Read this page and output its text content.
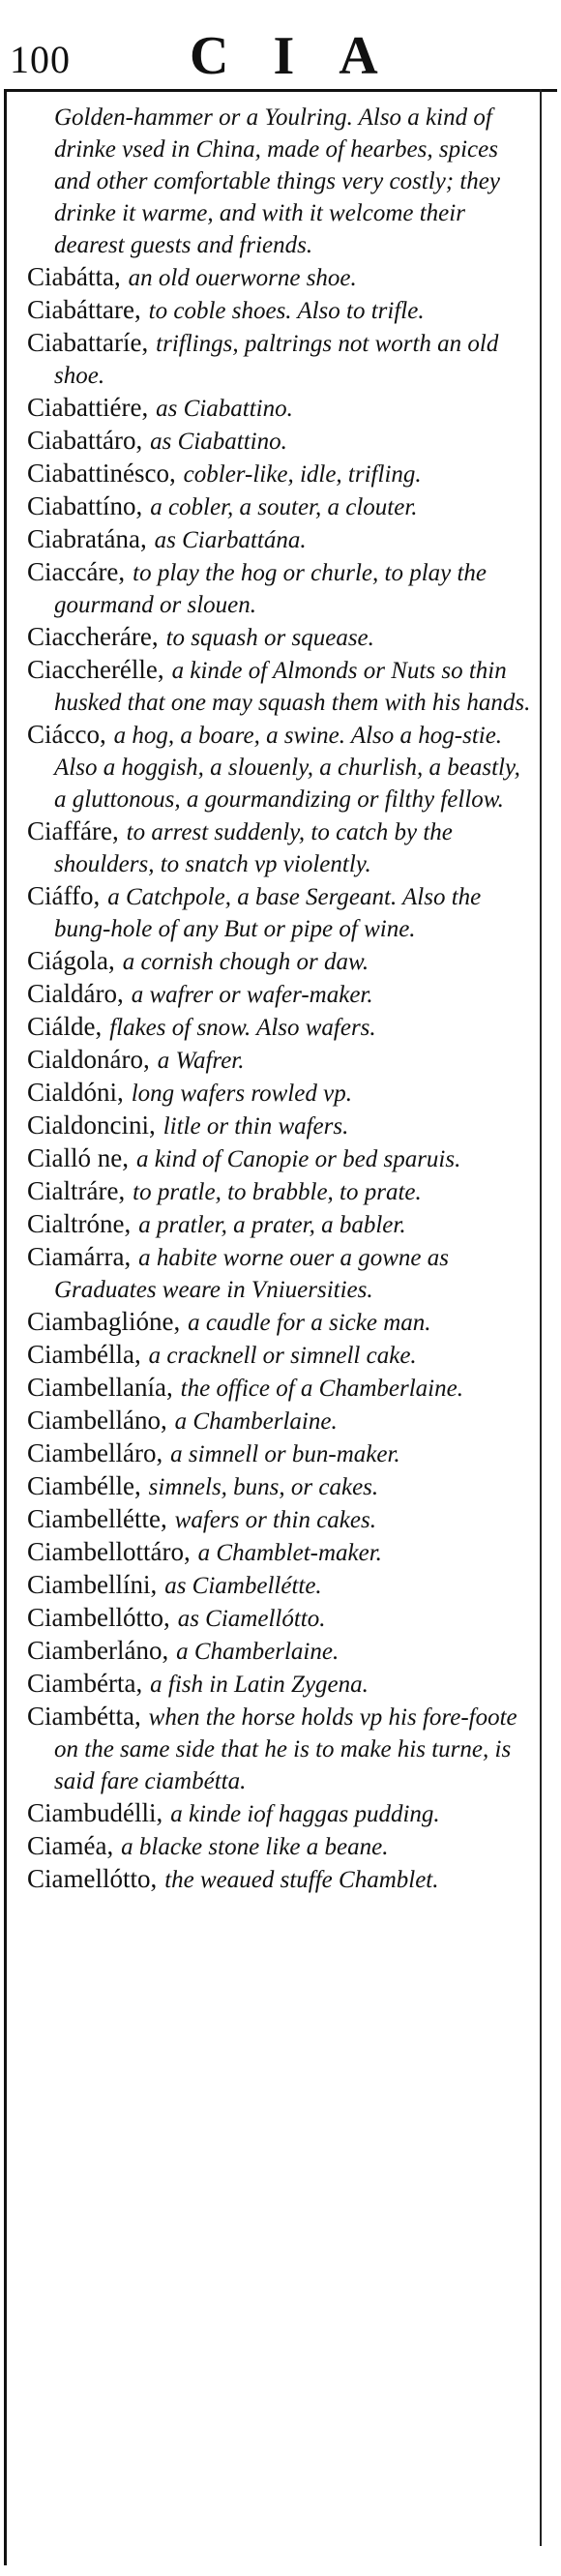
100 CIA

Golden-hammer or a Youlring. Also a kind of drinke vsed in China, made of hearbes, spices and other comfortable things very costly; they drinke it warme, and with it welcome their dearest guests and friends.

Ciabátta, an old ouerworne shoe.

Ciabáttare, to coble shoes. Also to trifle.

Ciabattaríe, triflings, paltrings not worth an old shoe.

Ciabattiére, as Ciabattino.

Ciabattáro, as Ciabattino.

Ciabattinésco, cobler-like, idle, trifling.

Ciabattíno, a cobler, a souter, a clouter.

Ciabratána, as Ciarbattána.

Ciaccáre, to play the hog or churle, to play the gourmand or slouen.

Ciaccheráre, to squash or squease.

Ciaccherélle, a kinde of Almonds or Nuts so thin husked that one may squash them with his hands.

Ciácco, a hog, a boare, a swine. Also a hog-stie. Also a hoggish, a slouenly, a churlish, a beastly, a gluttonous, a gourmandizing or filthy fellow.

Ciaffáre, to arrest suddenly, to catch by the shoulders, to snatch vp violently.

Ciáffo, a Catchpole, a base Sergeant. Also the bung-hole of any But or pipe of wine.

Ciágola, a cornish chough or daw.

Cialdáro, a wafrer or wafer-maker.

Ciálde, flakes of snow. Also wafers.

Cialdonáro, a Wafrer.

Cialdóni, long wafers rowled vp.

Cialdoncini, litle or thin wafers.

Cialló ne, a kind of Canopie or bed sparuis.

Cialtráre, to pratle, to brabble, to prate.

Cialtróne, a pratler, a prater, a babler.

Ciamárra, a habite worne ouer a gowne as Graduates weare in Vniuersities.

Ciambaglióne, a caudle for a sicke man.

Ciambélla, a cracknell or simnell cake.

Ciambellanía, the office of a Chamberlaine.

Ciambelláno, a Chamberlaine.

Ciambelláro, a simnell or bun-maker.

Ciambélle, simnels, buns, or cakes.

Ciambellétte, wafers or thin cakes.

Ciambellottáro, a Chamblet-maker.

Ciambellíni, as Ciambellétte.

Ciambellótto, as Ciamellótto.

Ciamberláno, a Chamberlaine.

Ciambérta, a fish in Latin Zygena.

Ciambétta, when the horse holds vp his fore-foote on the same side that he is to make his turne, is said fare ciambétta.

Ciambudélli, a kinde iof haggas pudding.

Ciaméa, a blacke stone like a beane.

Ciamellótto, the weaued stuffe Chamblet.
